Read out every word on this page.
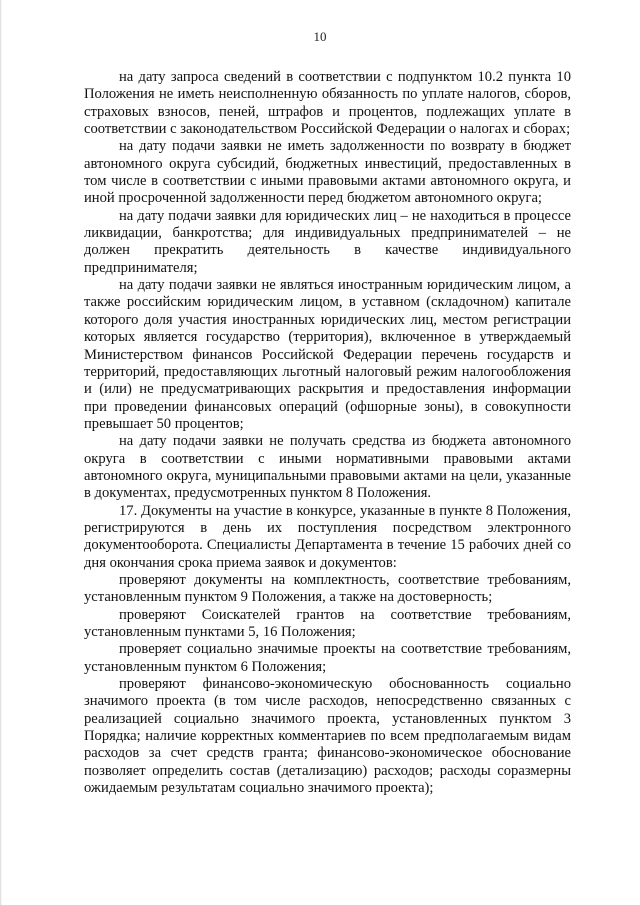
10

на дату запроса сведений в соответствии с подпунктом 10.2 пункта 10 Положения не иметь неисполненную обязанность по уплате налогов, сборов, страховых взносов, пеней, штрафов и процентов, подлежащих уплате в соответствии с законодательством Российской Федерации о налогах и сборах;

на дату подачи заявки не иметь задолженности по возврату в бюджет автономного округа субсидий, бюджетных инвестиций, предоставленных в том числе в соответствии с иными правовыми актами автономного округа, и иной просроченной задолженности перед бюджетом автономного округа;

на дату подачи заявки для юридических лиц – не находиться в процессе ликвидации, банкротства; для индивидуальных предпринимателей – не должен прекратить деятельность в качестве индивидуального предпринимателя;

на дату подачи заявки не являться иностранным юридическим лицом, а также российским юридическим лицом, в уставном (складочном) капитале которого доля участия иностранных юридических лиц, местом регистрации которых является государство (территория), включенное в утверждаемый Министерством финансов Российской Федерации перечень государств и территорий, предоставляющих льготный налоговый режим налогообложения и (или) не предусматривающих раскрытия и предоставления информации при проведении финансовых операций (офшорные зоны), в совокупности превышает 50 процентов;

на дату подачи заявки не получать средства из бюджета автономного округа в соответствии с иными нормативными правовыми актами автономного округа, муниципальными правовыми актами на цели, указанные в документах, предусмотренных пунктом 8 Положения.

17. Документы на участие в конкурсе, указанные в пункте 8 Положения, регистрируются в день их поступления посредством электронного документооборота. Специалисты Департамента в течение 15 рабочих дней со дня окончания срока приема заявок и документов:

проверяют документы на комплектность, соответствие требованиям, установленным пунктом 9 Положения, а также на достоверность;

проверяют Соискателей грантов на соответствие требованиям, установленным пунктами 5, 16 Положения;

проверяет социально значимые проекты на соответствие требованиям, установленным пунктом 6 Положения;

проверяют финансово-экономическую обоснованность социально значимого проекта (в том числе расходов, непосредственно связанных с реализацией социально значимого проекта, установленных пунктом 3 Порядка; наличие корректных комментариев по всем предполагаемым видам расходов за счет средств гранта; финансово-экономическое обоснование позволяет определить состав (детализацию) расходов; расходы соразмерны ожидаемым результатам социально значимого проекта);
